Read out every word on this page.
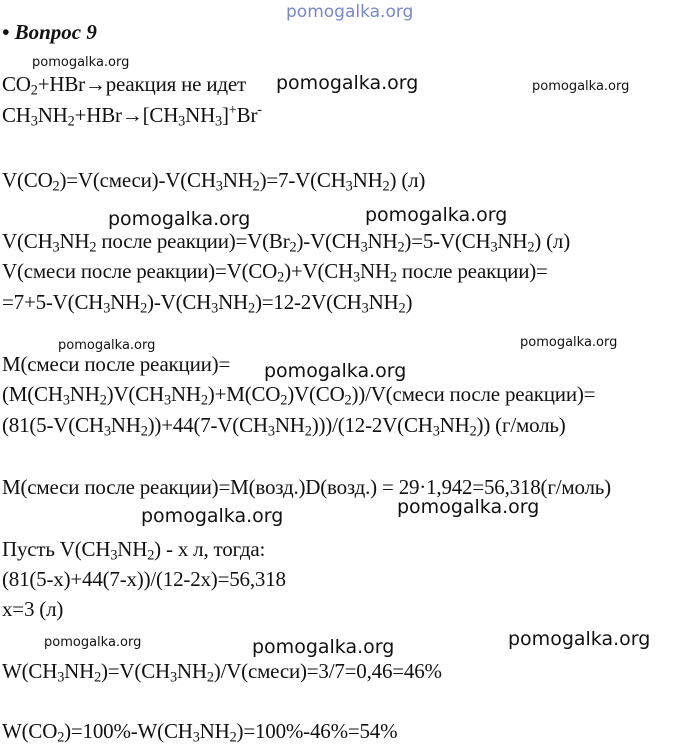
pomogalka.org
• Вопрос 9
$CO_2+HBr\to реакция$ не идет
$CH_3NH_2+HBr\to[CH_3NH_3]^+Br^-$
$V(CO_2)=V(смеси)-V(CH_3NH_2)=7-V(CH_3NH_2)$ (л)
$V(CH_3NH_2$ после $реакции)=V(Br_2)-V(CH_3NH_2)=5-V(CH_3NH_2)$ (л)
V(смеси после $реакции)=V(CO_2)+V(CH_3NH_2$ после реакции)=
$=7+5-V(CH_3NH_2)-V(CH_3NH_2)=12-2V(CH_3NH_2)$
M(смеси после реакции)=
$(M(CH_3NH_2)V(CH_3NH_2)+M(CO_2)V(CO_2))/V(смеси$ после реакции)=
$(81(5-V(CH_3NH_2))+44(7-V(CH_3NH_2)))/(12-2V(CH_3NH_2))$ (г/моль)
M(смеси после реакции)=M(возд.)D(возд.) = 29·1,942=56,318(г/моль)
Пусть $V(CH_3NH_2)$ - x л, тогда:
(81(5-x)+44(7-x))/(12-2x)=56,318
x=3 (л)
$W(CH_3NH_2)=V(CH_3NH_2)/V(смеси)=3/7=0,46=46\%$
$W(CO_2)=100\%-W(CH_3NH_2)=100\%-46\%=54\%$
pomogalka.org
pomogalka.org	pomogalka.org
pomogalka.org	pomogalka.org
pomogalka.org	pomogalka.org
pomogalka.org
pomogalka.org	pomogalka.org
pomogalka.org	pomogalka.org	pomogalka.org
